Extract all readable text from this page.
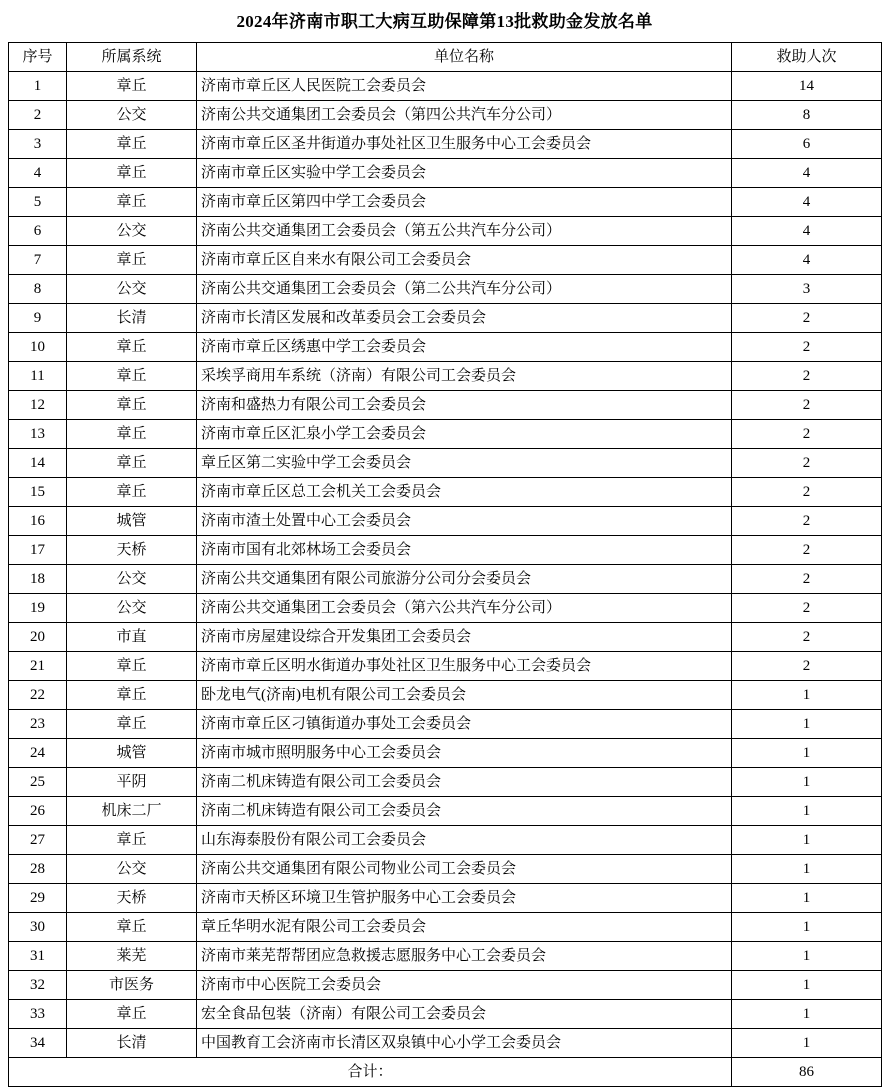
2024年济南市职工大病互助保障第13批救助金发放名单
序号	所属系统	单位名称	救助人次
1	章丘	济南市章丘区人民医院工会委员会	14
2	公交	济南公共交通集团工会委员会（第四公共汽车分公司）	8
3	章丘	济南市章丘区圣井街道办事处社区卫生服务中心工会委员会	6
4	章丘	济南市章丘区实验中学工会委员会	4
5	章丘	济南市章丘区第四中学工会委员会	4
6	公交	济南公共交通集团工会委员会（第五公共汽车分公司）	4
7	章丘	济南市章丘区自来水有限公司工会委员会	4
8	公交	济南公共交通集团工会委员会（第二公共汽车分公司）	3
9	长清	济南市长清区发展和改革委员会工会委员会	2
10	章丘	济南市章丘区绣惠中学工会委员会	2
11	章丘	采埃孚商用车系统（济南）有限公司工会委员会	2
12	章丘	济南和盛热力有限公司工会委员会	2
13	章丘	济南市章丘区汇泉小学工会委员会	2
14	章丘	章丘区第二实验中学工会委员会	2
15	章丘	济南市章丘区总工会机关工会委员会	2
16	城管	济南市渣土处置中心工会委员会	2
17	天桥	济南市国有北郊林场工会委员会	2
18	公交	济南公共交通集团有限公司旅游分公司分会委员会	2
19	公交	济南公共交通集团工会委员会（第六公共汽车分公司）	2
20	市直	济南市房屋建设综合开发集团工会委员会	2
21	章丘	济南市章丘区明水街道办事处社区卫生服务中心工会委员会	2
22	章丘	卧龙电气(济南)电机有限公司工会委员会	1
23	章丘	济南市章丘区刁镇街道办事处工会委员会	1
24	城管	济南市城市照明服务中心工会委员会	1
25	平阴	济南二机床铸造有限公司工会委员会	1
26	机床二厂	济南二机床铸造有限公司工会委员会	1
27	章丘	山东海泰股份有限公司工会委员会	1
28	公交	济南公共交通集团有限公司物业公司工会委员会	1
29	天桥	济南市天桥区环境卫生管护服务中心工会委员会	1
30	章丘	章丘华明水泥有限公司工会委员会	1
31	莱芜	济南市莱芜帮帮团应急救援志愿服务中心工会委员会	1
32	市医务	济南市中心医院工会委员会	1
33	章丘	宏全食品包装（济南）有限公司工会委员会	1
34	长清	中国教育工会济南市长清区双泉镇中心小学工会委员会	1
合计：			86
